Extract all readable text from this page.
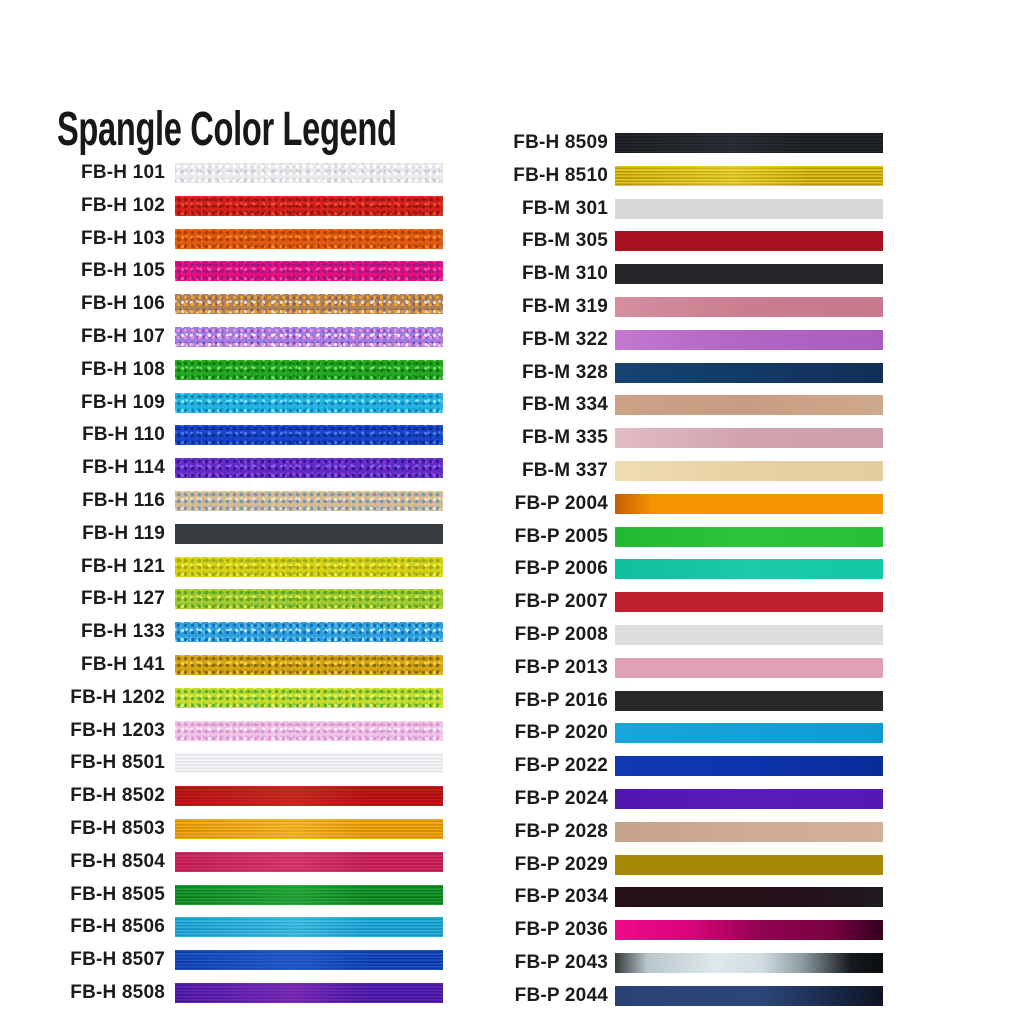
Spangle Color Legend
FB-H 101
FB-H 102
FB-H 103
FB-H 105
FB-H 106
FB-H 107
FB-H 108
FB-H 109
FB-H 110
FB-H 114
FB-H 116
FB-H 119
FB-H 121
FB-H 127
FB-H 133
FB-H 141
FB-H 1202
FB-H 1203
FB-H 8501
FB-H 8502
FB-H 8503
FB-H 8504
FB-H 8505
FB-H 8506
FB-H 8507
FB-H 8508
FB-H 8509
FB-H 8510
FB-M 301
FB-M 305
FB-M 310
FB-M 319
FB-M 322
FB-M 328
FB-M 334
FB-M 335
FB-M 337
FB-P 2004
FB-P 2005
FB-P 2006
FB-P 2007
FB-P 2008
FB-P 2013
FB-P 2016
FB-P 2020
FB-P 2022
FB-P 2024
FB-P 2028
FB-P 2029
FB-P 2034
FB-P 2036
FB-P 2043
FB-P 2044
